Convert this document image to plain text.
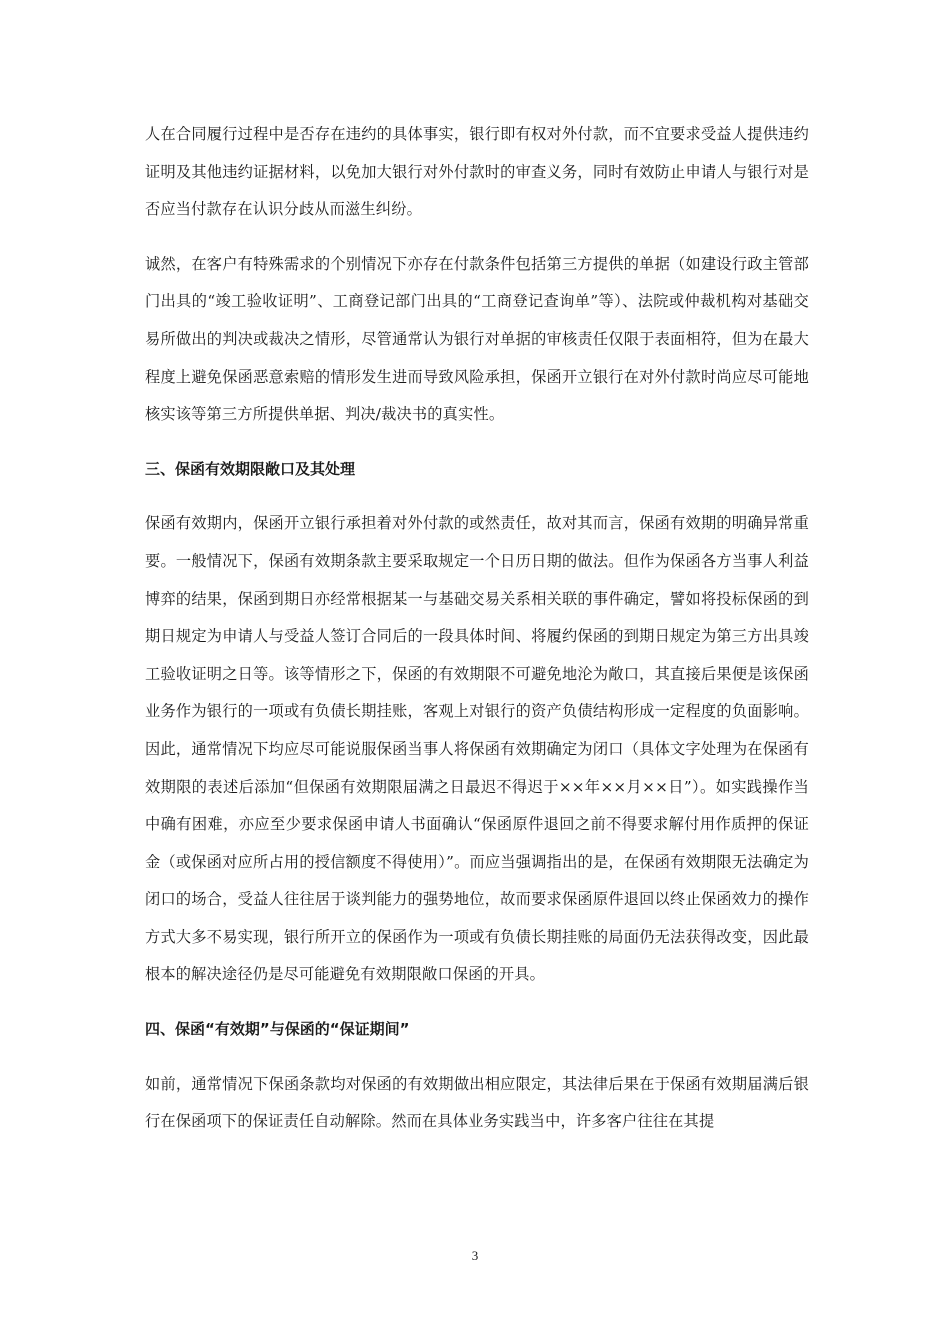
人在合同履行过程中是否存在违约的具体事实，银行即有权对外付款，而不宜要求受益人提供违约证明及其他违约证据材料，以免加大银行对外付款时的审查义务，同时有效防止申请人与银行对是否应当付款存在认识分歧从而滋生纠纷。

诚然，在客户有特殊需求的个别情况下亦存在付款条件包括第三方提供的单据（如建设行政主管部门出具的“竣工验收证明”、工商登记部门出具的“工商登记查询单”等）、法院或仲裁机构对基础交易所做出的判决或裁决之情形，尽管通常认为银行对单据的审核责任仅限于表面相符，但为在最大程度上避免保函恶意索赔的情形发生进而导致风险承担，保函开立银行在对外付款时尚应尽可能地核实该等第三方所提供单据、判决/裁决书的真实性。

三、保函有效期限敞口及其处理

保函有效期内，保函开立银行承担着对外付款的或然责任，故对其而言，保函有效期的明确异常重要。一般情况下，保函有效期条款主要采取规定一个日历日期的做法。但作为保函各方当事人利益博弈的结果，保函到期日亦经常根据某一与基础交易关系相关联的事件确定，譬如将投标保函的到期日规定为申请人与受益人签订合同后的一段具体时间、将履约保函的到期日规定为第三方出具竣工验收证明之日等。该等情形之下，保函的有效期限不可避免地沦为敞口，其直接后果便是该保函业务作为银行的一项或有负债长期挂账，客观上对银行的资产负债结构形成一定程度的负面影响。因此，通常情况下均应尽可能说服保函当事人将保函有效期确定为闭口（具体文字处理为在保函有效期限的表述后添加“但保函有效期限届满之日最迟不得迟于××年××月××日”）。如实践操作当中确有困难，亦应至少要求保函申请人书面确认“保函原件退回之前不得要求解付用作质押的保证金（或保函对应所占用的授信额度不得使用）”。而应当强调指出的是，在保函有效期限无法确定为闭口的场合，受益人往往居于谈判能力的强势地位，故而要求保函原件退回以终止保函效力的操作方式大多不易实现，银行所开立的保函作为一项或有负债长期挂账的局面仍无法获得改变，因此最根本的解决途径仍是尽可能避免有效期限敞口保函的开具。

四、保函“有效期”与保函的“保证期间”

如前，通常情况下保函条款均对保函的有效期做出相应限定，其法律后果在于保函有效期届满后银行在保函项下的保证责任自动解除。然而在具体业务实践当中，许多客户往往在其提

3
